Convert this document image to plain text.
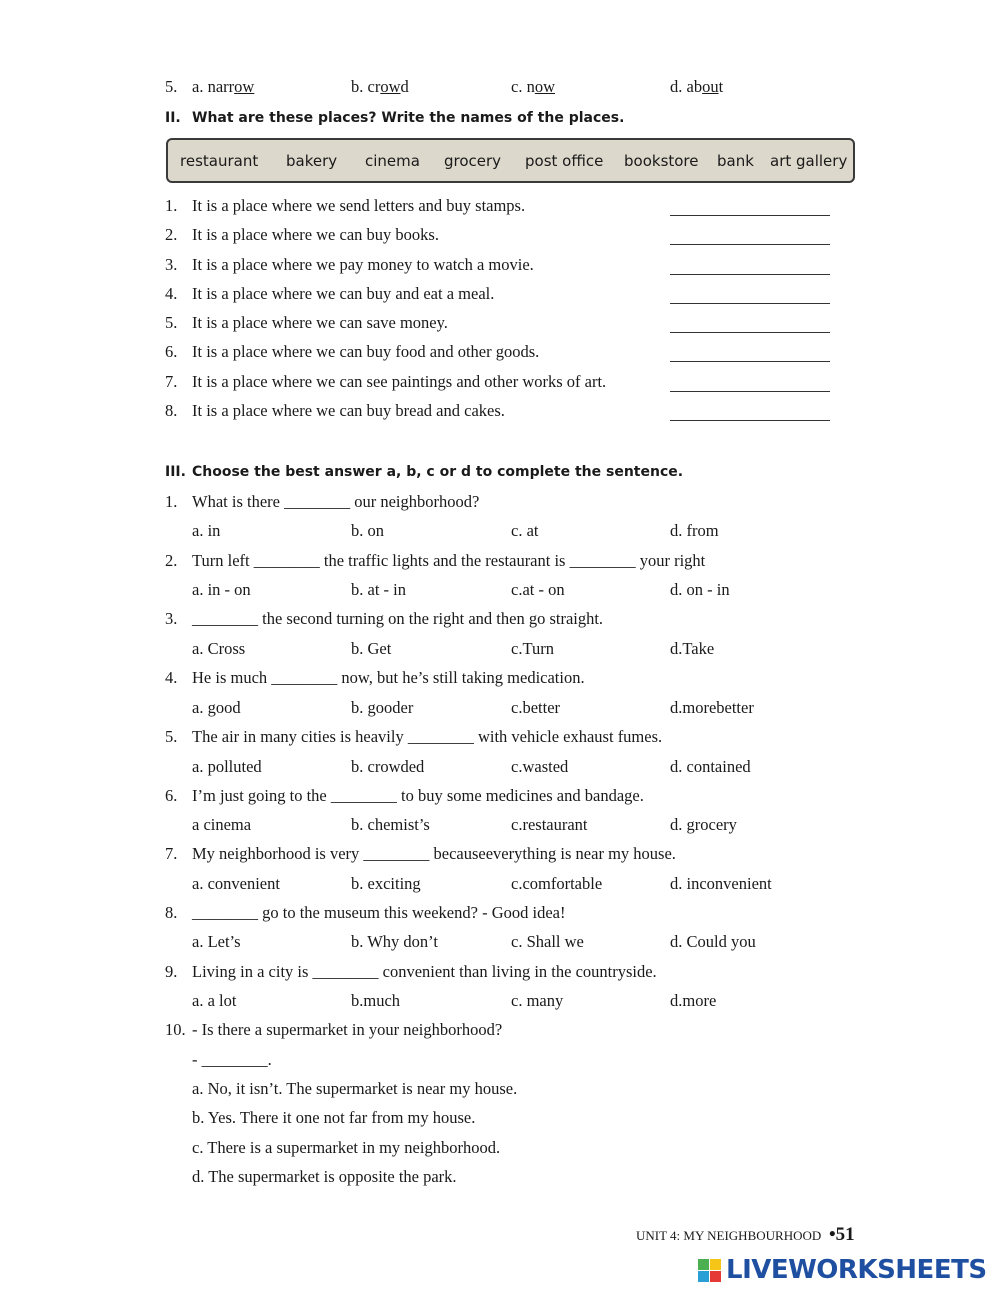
5. a. narrow	b. crowd	c. now	d. about
II. What are these places? Write the names of the places.
restaurant bakery cinema grocery post office bookstore bank art gallery
1. It is a place where we send letters and buy stamps.
2. It is a place where we can buy books.
3. It is a place where we pay money to watch a movie.
4. It is a place where we can buy and eat a meal.
5. It is a place where we can save money.
6. It is a place where we can buy food and other goods.
7. It is a place where we can see paintings and other works of art.
8. It is a place where we can buy bread and cakes.
III. Choose the best answer a, b, c or d to complete the sentence.
1. What is there ________ our neighborhood?
a. in	b. on	c. at	d. from
2. Turn left ________ the traffic lights and the restaurant is ________ your right
a. in - on	b. at - in	c.at - on	d. on - in
3. ________ the second turning on the right and then go straight.
a. Cross	b. Get	c.Turn	d.Take
4. He is much ________ now, but he’s still taking medication.
a. good	b. gooder	c.better	d.morebetter
5. The air in many cities is heavily ________ with vehicle exhaust fumes.
a. polluted	b. crowded	c.wasted	d. contained
6. I’m just going to the ________ to buy some medicines and bandage.
a cinema	b. chemist’s	c.restaurant	d. grocery
7. My neighborhood is very ________ becauseeverything is near my house.
a. convenient	b. exciting	c.comfortable	d. inconvenient
8. ________ go to the museum this weekend? - Good idea!
a. Let’s	b. Why don’t	c. Shall we	d. Could you
9. Living in a city is ________ convenient than living in the countryside.
a. a lot	b.much	c. many	d.more
10. - Is there a supermarket in your neighborhood?
- ________.
a. No, it isn’t. The supermarket is near my house.
b. Yes. There it one not far from my house.
c. There is a supermarket in my neighborhood.
d. The supermarket is opposite the park.
UNIT 4: MY NEIGHBOURHOOD •51
LIVEWORKSHEETS
